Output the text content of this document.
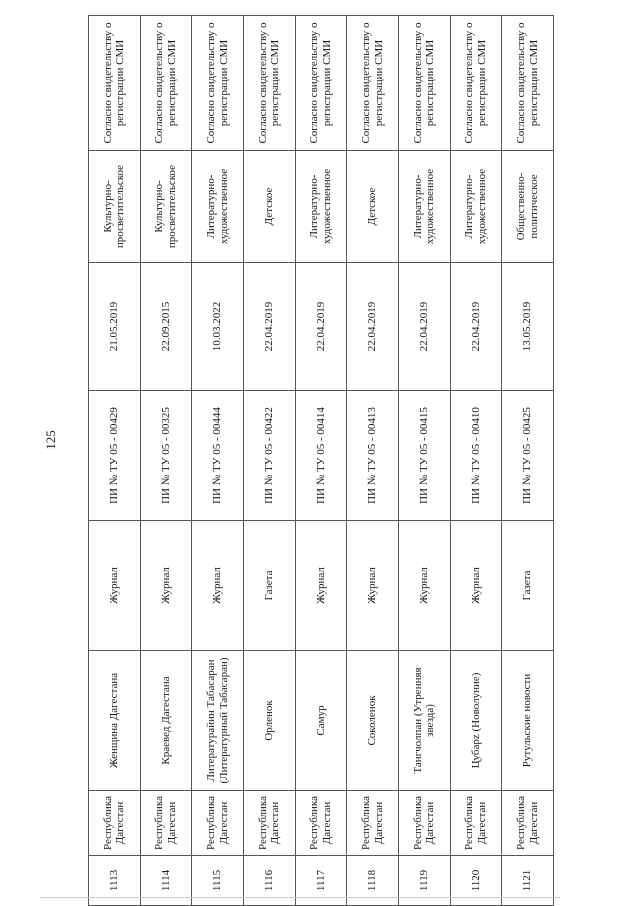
125
1113	Республика Дагестан	Женщина Дагестана	Журнал	ПИ № ТУ 05 - 00429	21.05.2019	Культурно-просветительское	Согласно свидетельству о регистрации СМИ
1114	Республика Дагестан	Краевед Дагестана	Журнал	ПИ № ТУ 05 - 00325	22.09.2015	Культурно-просветительское	Согласно свидетельству о регистрации СМИ
1115	Республика Дагестан	Литературайин Табасаран (Литературный Табасаран)	Журнал	ПИ № ТУ 05 - 00444	10.03.2022	Литературно-художественное	Согласно свидетельству о регистрации СМИ
1116	Республика Дагестан	Орленок	Газета	ПИ № ТУ 05 - 00422	22.04.2019	Детское	Согласно свидетельству о регистрации СМИ
1117	Республика Дагестан	Самур	Журнал	ПИ № ТУ 05 - 00414	22.04.2019	Литературно-художественное	Согласно свидетельству о регистрации СМИ
1118	Республика Дагестан	Соколенок	Журнал	ПИ № ТУ 05 - 00413	22.04.2019	Детское	Согласно свидетельству о регистрации СМИ
1119	Республика Дагестан	Тангчолпан (Утренняя звезда)	Журнал	ПИ № ТУ 05 - 00415	22.04.2019	Литературно-художественное	Согласно свидетельству о регистрации СМИ
1120	Республика Дагестан	Цубарz (Новолуние)	Журнал	ПИ № ТУ 05 - 00410	22.04.2019	Литературно-художественное	Согласно свидетельству о регистрации СМИ
1121	Республика Дагестан	Рутульские новости	Газета	ПИ № ТУ 05 - 00425	13.05.2019	Общественно-политическое	Согласно свидетельству о регистрации СМИ
